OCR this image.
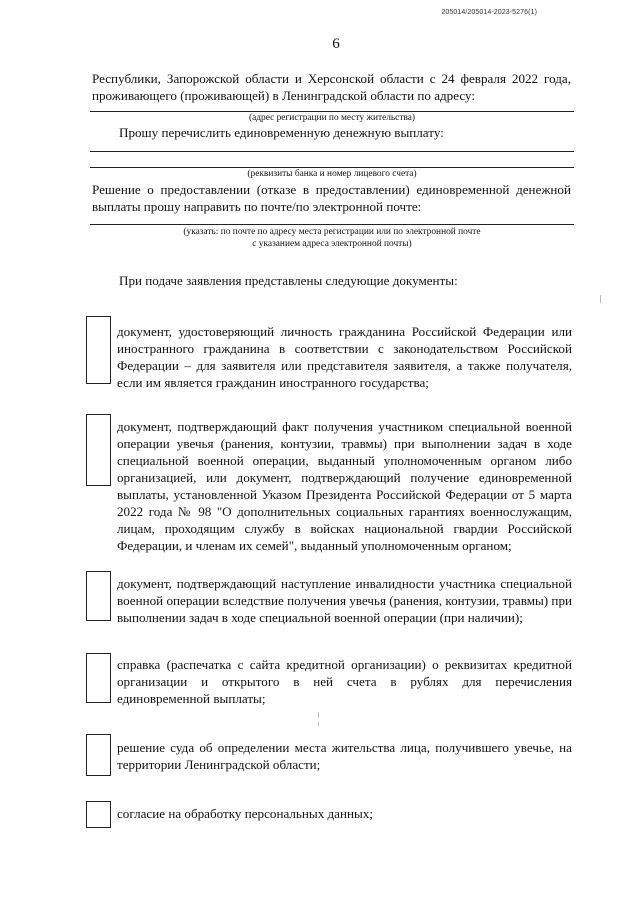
205014/205014-2023-5276(1)
6
Республики, Запорожской области и Херсонской области с 24 февраля 2022 года, проживающего (проживающей) в Ленинградской области по адресу:
(адрес регистрации по месту жительства)
Прошу перечислить единовременную денежную выплату:
(реквизиты банка и номер лицевого счета)
Решение о предоставлении (отказе в предоставлении) единовременной денежной выплаты прошу направить по почте/по электронной почте:
(указать: по почте по адресу места регистрации или по электронной почте
с указанием адреса электронной почты)
При подаче заявления представлены следующие документы:
документ, удостоверяющий личность гражданина Российской Федерации или иностранного гражданина в соответствии с законодательством Российской Федерации – для заявителя или представителя заявителя, а также получателя, если им является гражданин иностранного государства;
документ, подтверждающий факт получения участником специальной военной операции увечья (ранения, контузии, травмы) при выполнении задач в ходе специальной военной операции, выданный уполномоченным органом либо организацией, или документ, подтверждающий получение единовременной выплаты, установленной Указом Президента Российской Федерации от 5 марта 2022 года № 98 "О дополнительных социальных гарантиях военнослужащим, лицам, проходящим службу в войсках национальной гвардии Российской Федерации, и членам их семей", выданный уполномоченным органом;
документ, подтверждающий наступление инвалидности участника специальной военной операции вследствие получения увечья (ранения, контузии, травмы) при выполнении задач в ходе специальной военной операции (при наличии);
справка (распечатка с сайта кредитной организации) о реквизитах кредитной организации и открытого в ней счета в рублях для перечисления единовременной выплаты;
решение суда об определении места жительства лица, получившего увечье, на территории Ленинградской области;
согласие на обработку персональных данных;
